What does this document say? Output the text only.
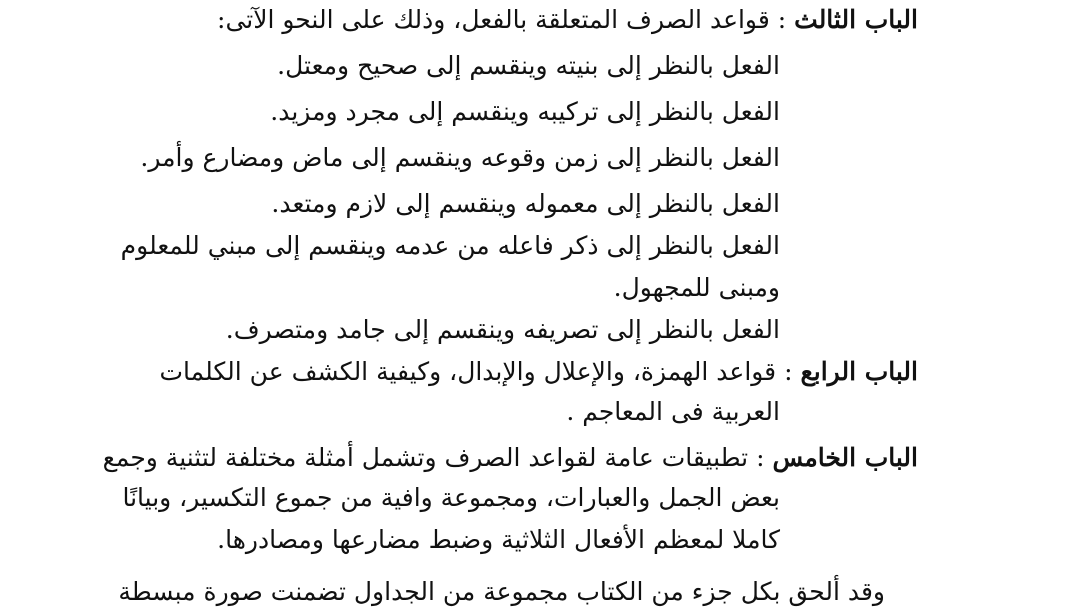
الباب الثالث : قواعد الصرف المتعلقة بالفعل، وذلك على النحو الآتى:
الفعل بالنظر إلى بنيته وينقسم إلى صحيح ومعتل.
الفعل بالنظر إلى تركيبه وينقسم إلى مجرد ومزيد.
الفعل بالنظر إلى زمن وقوعه وينقسم إلى ماض ومضارع وأمر.
الفعل بالنظر إلى معموله وينقسم إلى لازم ومتعد.
الفعل بالنظر إلى ذكر فاعله من عدمه وينقسم إلى مبني للمعلوم
ومبنى للمجهول.
الفعل بالنظر إلى تصريفه وينقسم إلى جامد ومتصرف.
الباب الرابع : قواعد الهمزة، والإعلال والإبدال، وكيفية الكشف عن الكلمات
العربية فى المعاجم .
الباب الخامس : تطبيقات عامة لقواعد الصرف وتشمل أمثلة مختلفة لتثنية وجمع
بعض الجمل والعبارات، ومجموعة وافية من جموع التكسير، وبيانًا
كاملا لمعظم الأفعال الثلاثية وضبط مضارعها ومصادرها.
وقد ألحق بكل جزء من الكتاب مجموعة من الجداول تضمنت صورة مبسطة
